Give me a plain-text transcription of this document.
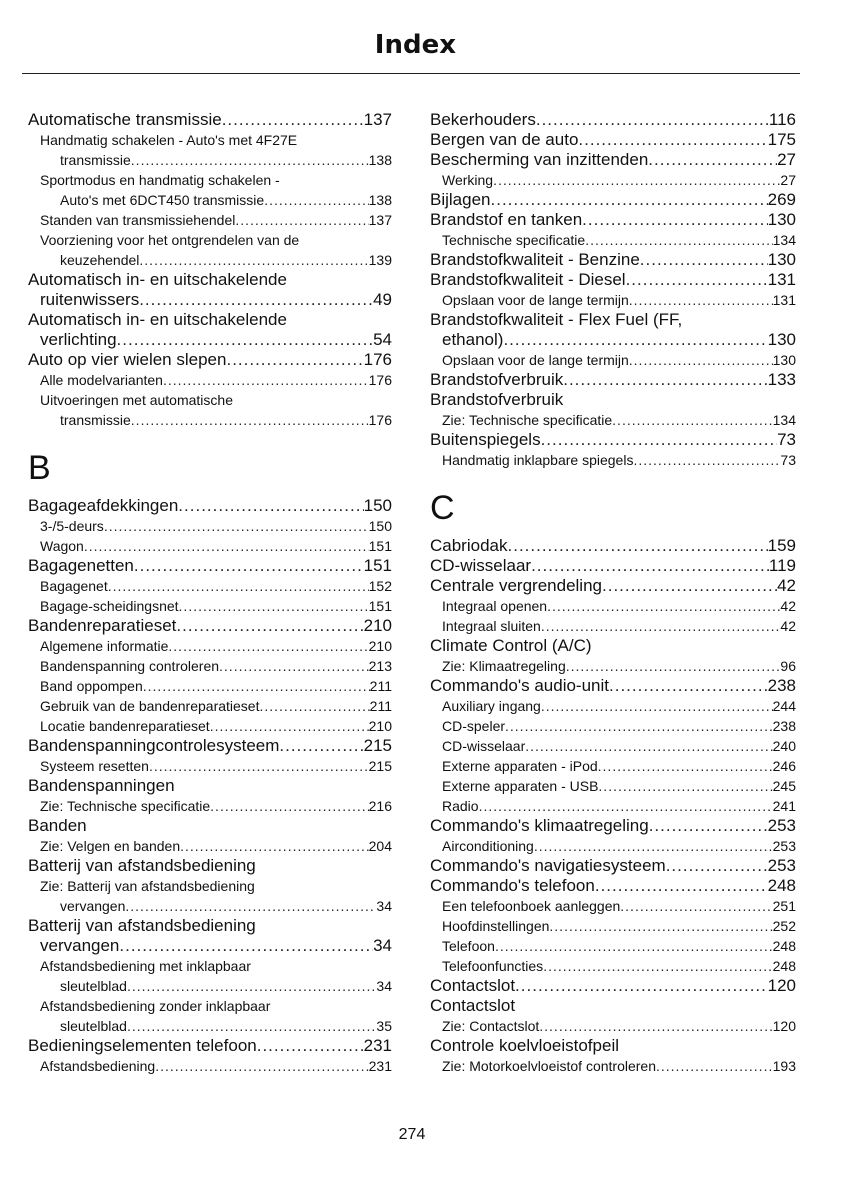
Index
Automatische transmissie .....	137
Handmatig schakelen - Auto's met 4F27E
transmissie .....	138
Sportmodus en handmatig schakelen -
Auto's met 6DCT450 transmissie .....	138
Standen van transmissiehendel .....	137
Voorziening voor het ontgrendelen van de
keuzehendel .....	139
Automatisch in- en uitschakelende
ruitenwissers .....	49
Automatisch in- en uitschakelende
verlichting .....	54
Auto op vier wielen slepen .....	176
Alle modelvarianten .....	176
Uitvoeringen met automatische
transmissie .....	176
B
Bagageafdekkingen .....	150
3-/5-deurs .....	150
Wagon .....	151
Bagagenetten .....	151
Bagagenet .....	152
Bagage-scheidingsnet .....	151
Bandenreparatieset .....	210
Algemene informatie .....	210
Bandenspanning controleren .....	213
Band oppompen .....	211
Gebruik van de bandenreparatieset .....	211
Locatie bandenreparatieset .....	210
Bandenspanningcontrolesysteem .....	215
Systeem resetten .....	215
Bandenspanningen
Zie: Technische specificatie .....	216
Banden
Zie: Velgen en banden .....	204
Batterij van afstandsbediening
Zie: Batterij van afstandsbediening
vervangen .....	34
Batterij van afstandsbediening
vervangen .....	34
Afstandsbediening met inklapbaar
sleutelblad .....	34
Afstandsbediening zonder inklapbaar
sleutelblad .....	35
Bedieningselementen telefoon .....	231
Afstandsbediening .....	231
Bekerhouders .....	116
Bergen van de auto .....	175
Bescherming van inzittenden .....	27
Werking .....	27
Bijlagen .....	269
Brandstof en tanken .....	130
Technische specificatie .....	134
Brandstofkwaliteit - Benzine .....	130
Brandstofkwaliteit - Diesel .....	131
Opslaan voor de lange termijn .....	131
Brandstofkwaliteit - Flex Fuel (FF,
ethanol) .....	130
Opslaan voor de lange termijn .....	130
Brandstofverbruik .....	133
Brandstofverbruik
Zie: Technische specificatie .....	134
Buitenspiegels .....	73
Handmatig inklapbare spiegels .....	73
C
Cabriodak .....	159
CD-wisselaar .....	119
Centrale vergrendeling .....	42
Integraal openen .....	42
Integraal sluiten .....	42
Climate Control (A/C)
Zie: Klimaatregeling .....	96
Commando's audio-unit .....	238
Auxiliary ingang .....	244
CD-speler .....	238
CD-wisselaar .....	240
Externe apparaten - iPod .....	246
Externe apparaten - USB .....	245
Radio .....	241
Commando's klimaatregeling .....	253
Airconditioning .....	253
Commando's navigatiesysteem .....	253
Commando's telefoon .....	248
Een telefoonboek aanleggen .....	251
Hoofdinstellingen .....	252
Telefoon .....	248
Telefoonfuncties .....	248
Contactslot .....	120
Contactslot
Zie: Contactslot .....	120
Controle koelvloeistofpeil
Zie: Motorkoelvloeistof controleren .....	193
274
